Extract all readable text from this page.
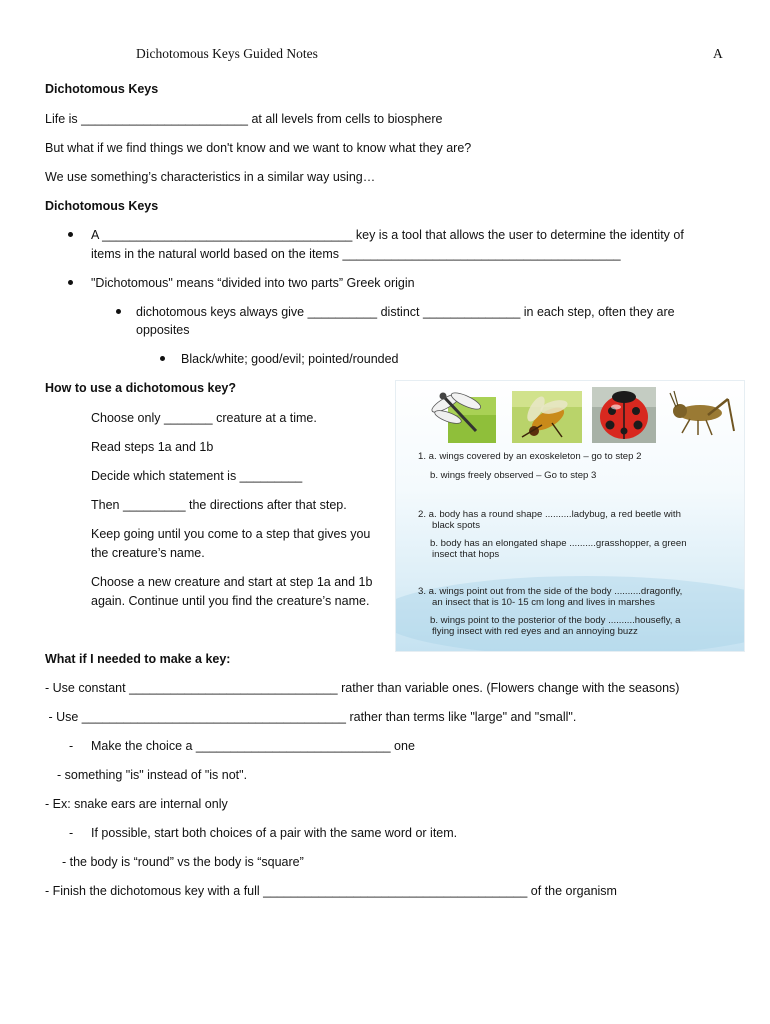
Dichotomous Keys Guided Notes	A
Dichotomous Keys
Life is ________________________ at all levels from cells to biosphere
But what if we find things we don't know and we want to know what they are?
We use something’s characteristics in a similar way using…
Dichotomous Keys
A ____________________________________ key is a tool that allows the user to determine the identity of
items in the natural world based on the items ________________________________________
"Dichotomous" means “divided into two parts” Greek origin
dichotomous keys always give __________ distinct ______________ in each step, often they are
opposites
Black/white; good/evil; pointed/rounded
How to use a dichotomous key?
Choose only _______ creature at a time.
Read steps 1a and 1b
Decide which statement is _________
Then _________ the directions after that step.
Keep going until you come to a step that gives you
the creature’s name.
Choose a new creature and start at step 1a and 1b
again. Continue until you find the creature’s name.
1. a. wings covered by an exoskeleton – go to step 2
b. wings freely observed – Go to step 3
2. a. body has a round shape ..........ladybug, a red beetle with
black spots
b. body has an elongated shape ..........grasshopper, a green
insect that hops
3. a. wings point out from the side of the body ..........dragonfly,
an insect that is 10- 15 cm long and lives in marshes
b. wings point to the posterior of the body ..........housefly, a
flying insect with red eyes and an annoying buzz
What if I needed to make a key:
- Use constant ______________________________ rather than variable ones. (Flowers change with the seasons)
- Use ______________________________________ rather than terms like "large" and "small".
- Make the choice a ____________________________ one
- something "is" instead of "is not".
- Ex: snake ears are internal only
- If possible, start both choices of a pair with the same word or item.
- the body is “round” vs the body is “square”
- Finish the dichotomous key with a full ______________________________________ of the organism
